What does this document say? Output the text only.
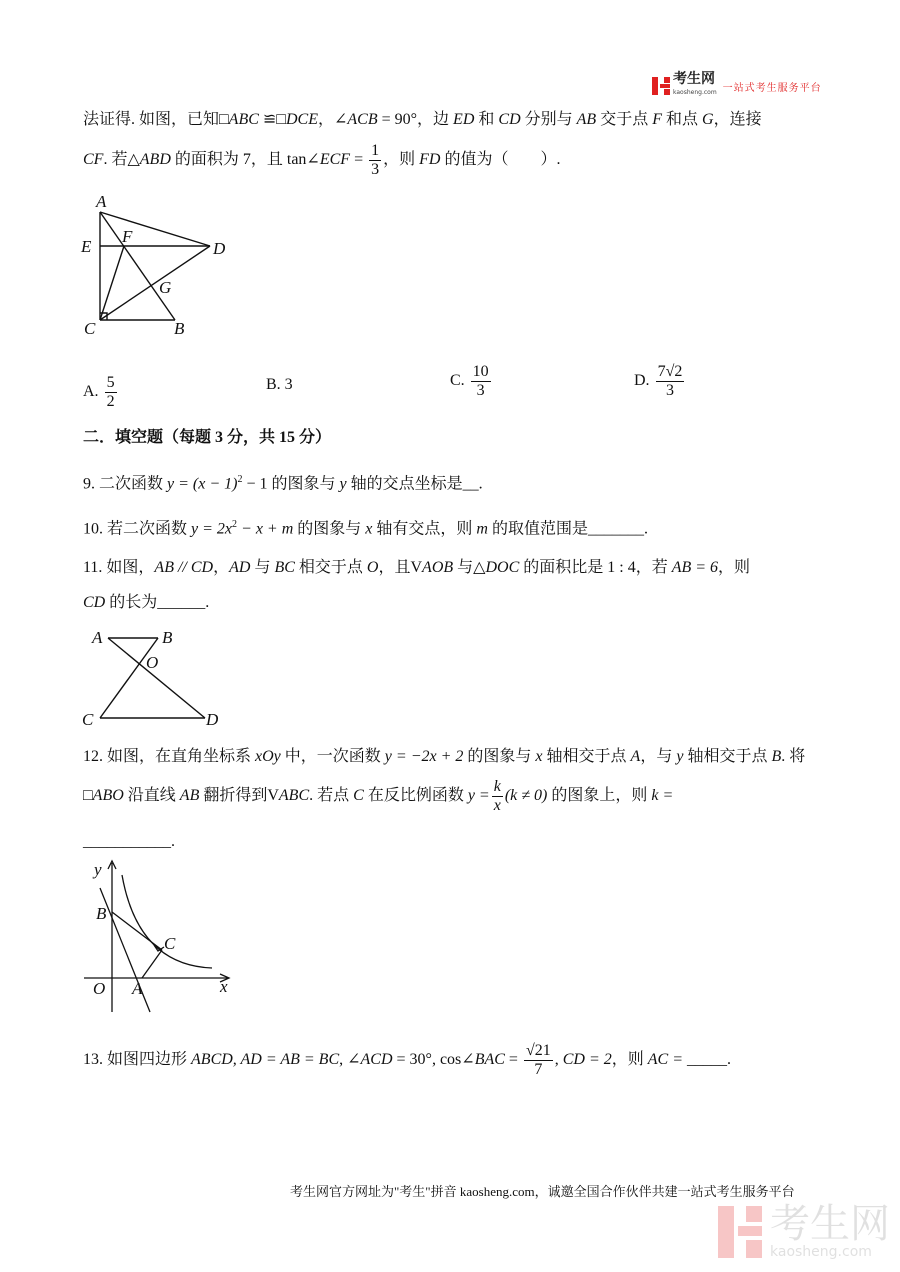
考生网
kaosheng.com 一站式考生服务平台
法证得. 如图，已知□ABC ≌□DCE，∠ACB = 90°，边 ED 和 CD 分别与 AB 交于点 F 和点 G，连接
CF. 若△ABD 的面积为 7，且 tan∠ECF = $\frac{1}{3}$ ，则 FD 的值为（　　）.
A
E
F
D
G
C	B
A. $\frac{5}{2}$	B. 3	C. $\frac{10}{3}$	D. $\frac{7√2}{3}$
二．填空题（每题 3 分，共 15 分）
9. 二次函数 $y = (x - 1)^2 - 1$ 的图象与 y 轴的交点坐标是__.
10. 若二次函数 $y = 2x^2 - x + m$ 的图象与 x 轴有交点，则 m 的取值范围是_______.
11. 如图，AB // CD，AD 与 BC 相交于点 O，且VAOB 与△DOC 的面积比是 1 : 4，若 AB = 6，则
CD 的长为______.
A	B
O
C	D
12. 如图，在直角坐标系 xOy 中，一次函数 y = −2x + 2 的图象与 x 轴相交于点 A，与 y 轴相交于点 B. 将
□ABO 沿直线 AB 翻折得到VABC. 若点 C 在反比例函数 $y = \frac{k}{x} (k \ne 0)$ 的图象上，则 k =
___________.
y
B
C
O A	x
13. 如图四边形 ABCD, AD = AB = BC, ∠ACD = 30°, cos∠BAC = $\frac{√21}{7}$ , CD = 2，则 AC = _____.
考生网官方网址为"考生"拼音 kaosheng.com，诚邀全国合作伙伴共建一站式考生服务平台
考生网
kaosheng.com
